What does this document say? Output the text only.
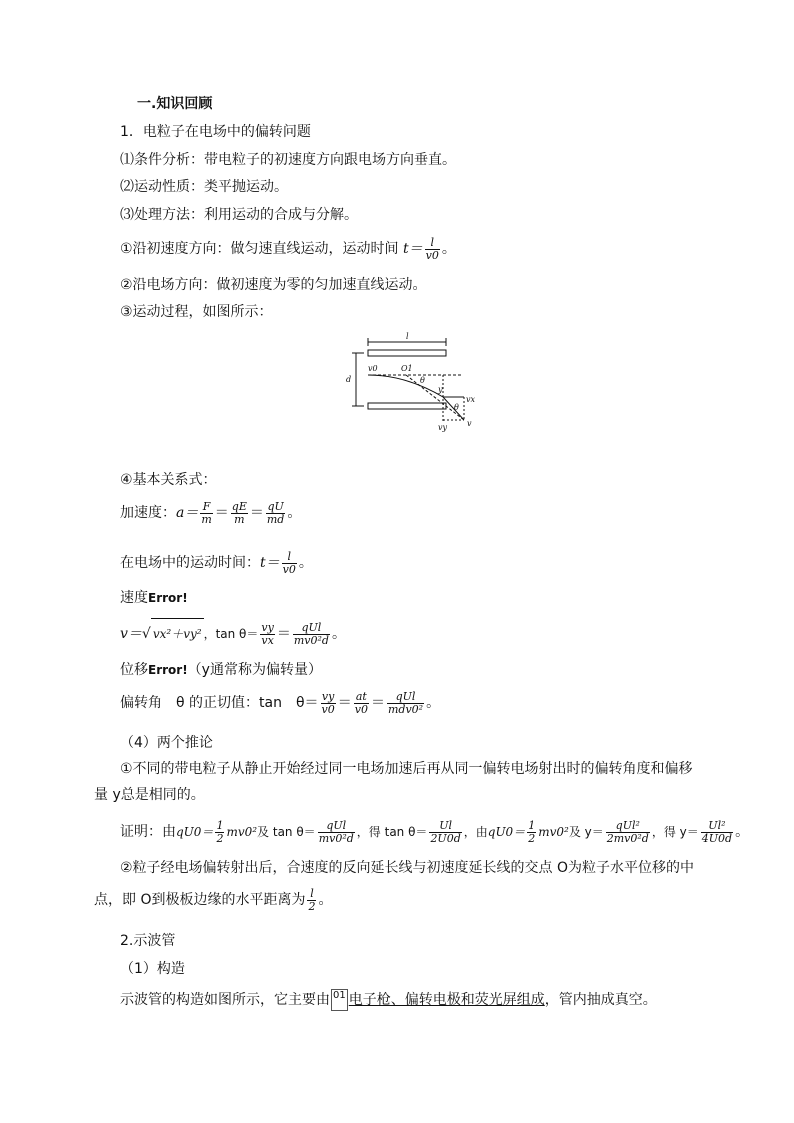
一.知识回顾
1．电粒子在电场中的偏转问题
⑴条件分析：带电粒子的初速度方向跟电场方向垂直。
⑵运动性质：类平抛运动。
⑶处理方法：利用运动的合成与分解。
①沿初速度方向：做匀速直线运动，运动时间 $t= \frac{l}{v0}$ 。
②沿电场方向：做初速度为零的匀加速直线运动。
③运动过程，如图所示：
l
d
v0	O1
θ
y
θ
vx
vy v
④基本关系式：
加速度：$a= \frac{F}{m} = \frac{qE}{m} = \frac{qU}{md}$ 。
在电场中的运动时间：$t= \frac{l}{v0}$ 。
速度Error!
v＝√ vx²＋vy² ，$\tan \theta= \frac{vy}{vx} = \frac{\text{qUl}}{\text{mv0²d}}$ 。
位移Error!（y通常称为偏转量）
偏转角　θ 的正切值：tan　$\theta= \frac{vy}{v0} = \frac{at}{v0} = \frac{\text{qUl}}{\text{mdv0²}}$ 。
（4）两个推论
①不同的带电粒子从静止开始经过同一电场加速后再从同一偏转电场射出时的偏转角度和偏移
量 y总是相同的。
证明：由$qU0= \frac{1}{2} mv0^2$及 $\tan \theta= \frac{\text{qUl}}{\text{mv0²d}}$ ，得 $\tan \theta= \frac{Ul}{2U0d}$ ，由$qU0= \frac{1}{2} mv0^2$及 $y= \frac{\text{qUl²}}{\text{2mv0²d}}$ ，得 $y= \frac{\text{Ul²}}{4U0d}$ 。
②粒子经电场偏转射出后，合速度的反向延长线与初速度延长线的交点 O为粒子水平位移的中
点，即 O到极板边缘的水平距离为 $\frac{l}{2}$ 。
2.示波管
（1）构造
示波管的构造如图所示，它主要由 01 电子枪、偏转电极和荧光屏组成，管内抽成真空。
